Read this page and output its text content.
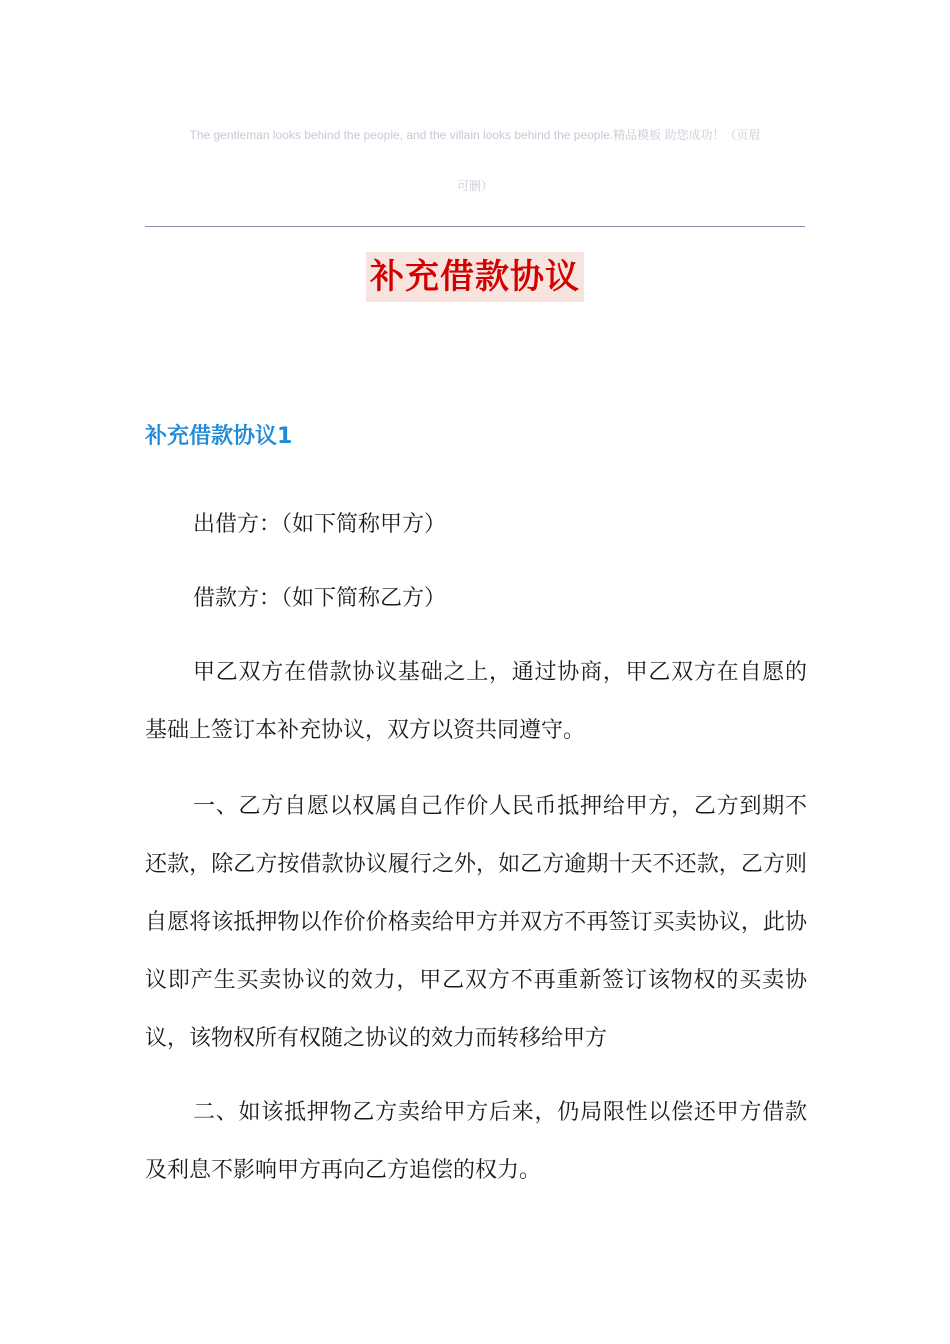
The gentleman looks behind the people, and the villain looks behind the people.精品模板 助您成功！（页眉
可删）
补充借款协议
补充借款协议1

出借方：（如下简称甲方）

借款方：（如下简称乙方）

甲乙双方在借款协议基础之上，通过协商，甲乙双方在自愿的基础上签订本补充协议，双方以资共同遵守。

一、乙方自愿以权属自己作价人民币抵押给甲方，乙方到期不还款，除乙方按借款协议履行之外，如乙方逾期十天不还款，乙方则自愿将该抵押物以作价价格卖给甲方并双方不再签订买卖协议，此协议即产生买卖协议的效力，甲乙双方不再重新签订该物权的买卖协议，该物权所有权随之协议的效力而转移给甲方

二、如该抵押物乙方卖给甲方后来，仍局限性以偿还甲方借款及利息不影响甲方再向乙方追偿的权力。
